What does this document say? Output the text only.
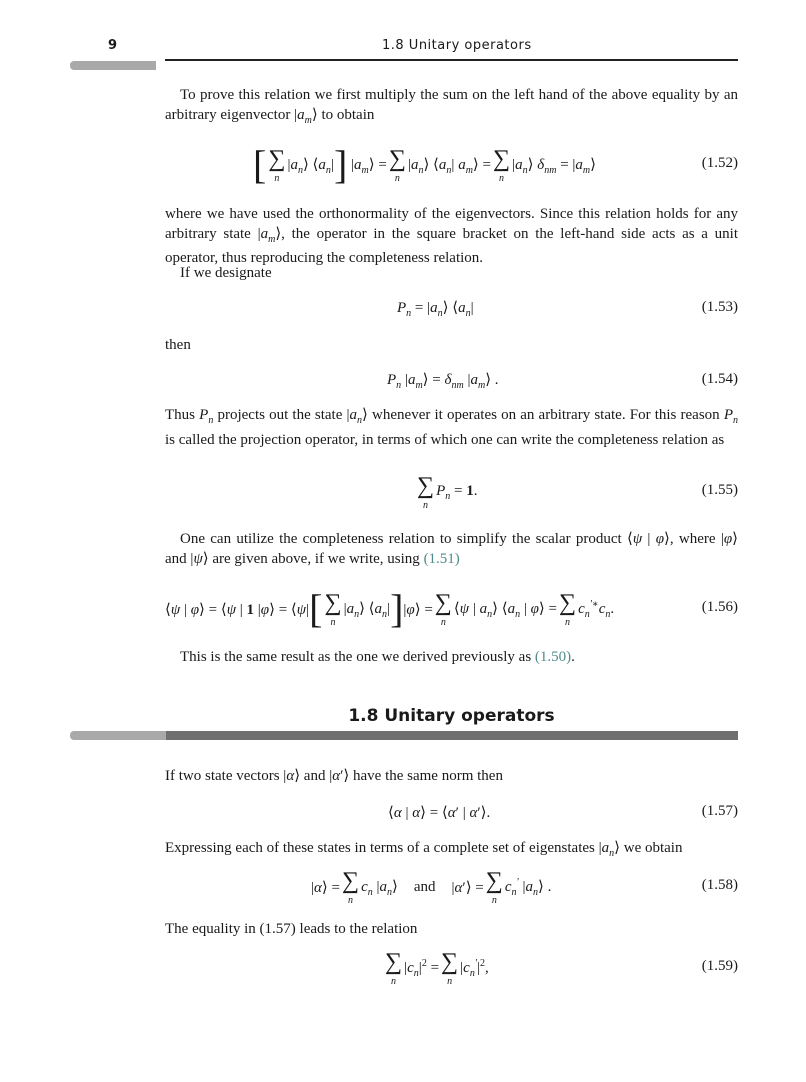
9	1.8 Unitary operators
To prove this relation we first multiply the sum on the left hand of the above equality by an arbitrary eigenvector $|a_m⟩$ to obtain
[ ∑
n
$|a_n⟩$ $⟨a_n|$ ]
$|a_m⟩$ = ∑
n
$|a_n⟩$ $⟨a_n|$ $a_m⟩$ = ∑
n
$|a_n⟩$ $\delta_{nm}$ = $|a_m⟩$	(1.52)
where we have used the orthonormality of the eigenvectors. Since this relation holds for any arbitrary state $|a_m⟩$, the operator in the square bracket on the left-hand side acts as a unit operator, thus reproducing the completeness relation.
If we designate
$P_n$ = $|a_n⟩$ $⟨a_n|$	(1.53)
then
$P_n$ $|a_m⟩ = \delta_{nm}$ $|a_m⟩$ .	(1.54)
Thus $P_n$ projects out the state $|a_n⟩$ whenever it operates on an arbitrary state. For this reason $P_n$ is called the projection operator, in terms of which one can write the completeness relation as
∑
n
$P_n = 1$.	(1.55)
One can utilize the completeness relation to simplify the scalar product ⟨ψ | φ⟩, where |φ⟩ and |ψ⟩ are given above, if we write, using (1.51)
⟨ψ | φ⟩ = ⟨ψ | 1 |φ⟩ = ⟨ψ| [ ∑
n
$|a_n⟩$ $⟨a_n|$ ] |φ⟩ = ∑
n
⟨ψ | $a_n⟩$ $⟨a_n$ | φ⟩ = ∑
n
$c_n^{'∗}c_n$.	(1.56)
This is the same result as the one we derived previously as (1.50).
1.8 Unitary operators
If two state vectors |α⟩ and |α′⟩ have the same norm then
⟨α | α⟩ = ⟨α′ | α′⟩.	(1.57)
Expressing each of these states in terms of a complete set of eigenstates $|a_n⟩$ we obtain
|α⟩ = ∑
n
$c_n$ $|a_n⟩$ and |α′⟩ = ∑
n
$c_n'$ $|a_n⟩$ .	(1.58)
The equality in (1.57) leads to the relation
∑
n
$|c_n|^2$ = ∑
n
$|c_n'|^2$,	(1.59)
